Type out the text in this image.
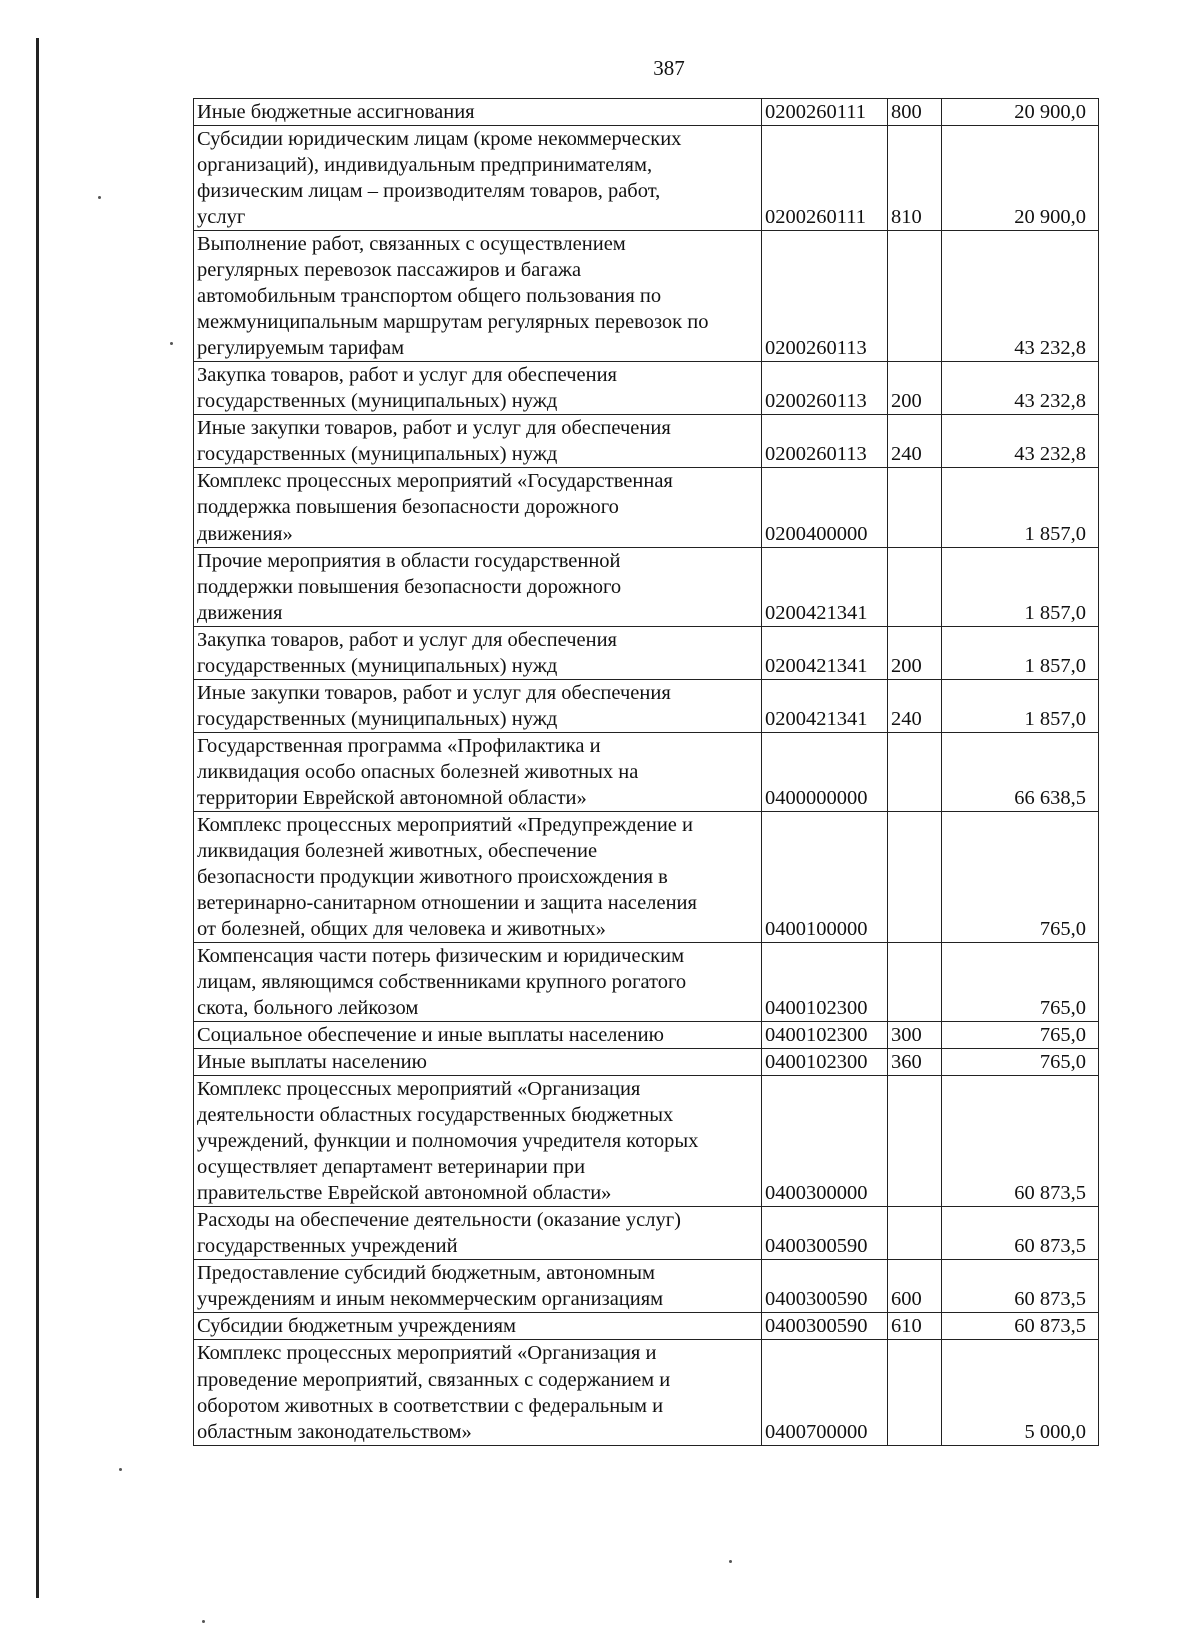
387
Иные бюджетные ассигнования	0200260111	800	20 900,0

Субсидии юридическим лицам (кроме некоммерческих
организаций), индивидуальным предпринимателям,
физическим лицам – производителям товаров, работ,
услуг	0200260111	810	20 900,0

Выполнение работ, связанных с осуществлением
регулярных перевозок пассажиров и багажа
автомобильным транспортом общего пользования по
межмуниципальным маршрутам регулярных перевозок по
регулируемым тарифам	0200260113		43 232,8

Закупка товаров, работ и услуг для обеспечения
государственных (муниципальных) нужд	0200260113	200	43 232,8

Иные закупки товаров, работ и услуг для обеспечения
государственных (муниципальных) нужд	0200260113	240	43 232,8

Комплекс процессных мероприятий «Государственная
поддержка повышения безопасности дорожного
движения»	0200400000		1 857,0

Прочие мероприятия в области государственной
поддержки повышения безопасности дорожного
движения	0200421341		1 857,0

Закупка товаров, работ и услуг для обеспечения
государственных (муниципальных) нужд	0200421341	200	1 857,0

Иные закупки товаров, работ и услуг для обеспечения
государственных (муниципальных) нужд	0200421341	240	1 857,0

Государственная программа «Профилактика и
ликвидация особо опасных болезней животных на
территории Еврейской автономной области»	0400000000		66 638,5

Комплекс процессных мероприятий «Предупреждение и
ликвидация болезней животных, обеспечение
безопасности продукции животного происхождения в
ветеринарно-санитарном отношении и защита населения
от болезней, общих для человека и животных»	0400100000		765,0

Компенсация части потерь физическим и юридическим
лицам, являющимся собственниками крупного рогатого
скота, больного лейкозом	0400102300		765,0

Социальное обеспечение и иные выплаты населению	0400102300	300	765,0

Иные выплаты населению	0400102300	360	765,0

Комплекс процессных мероприятий «Организация
деятельности областных государственных бюджетных
учреждений, функции и полномочия учредителя которых
осуществляет департамент ветеринарии при
правительстве Еврейской автономной области»	0400300000		60 873,5

Расходы на обеспечение деятельности (оказание услуг)
государственных учреждений	0400300590		60 873,5

Предоставление субсидий бюджетным, автономным
учреждениям и иным некоммерческим организациям	0400300590	600	60 873,5

Субсидии бюджетным учреждениям	0400300590	610	60 873,5

Комплекс процессных мероприятий «Организация и
проведение мероприятий, связанных с содержанием и
оборотом животных в соответствии с федеральным и
областным законодательством»	0400700000		5 000,0
